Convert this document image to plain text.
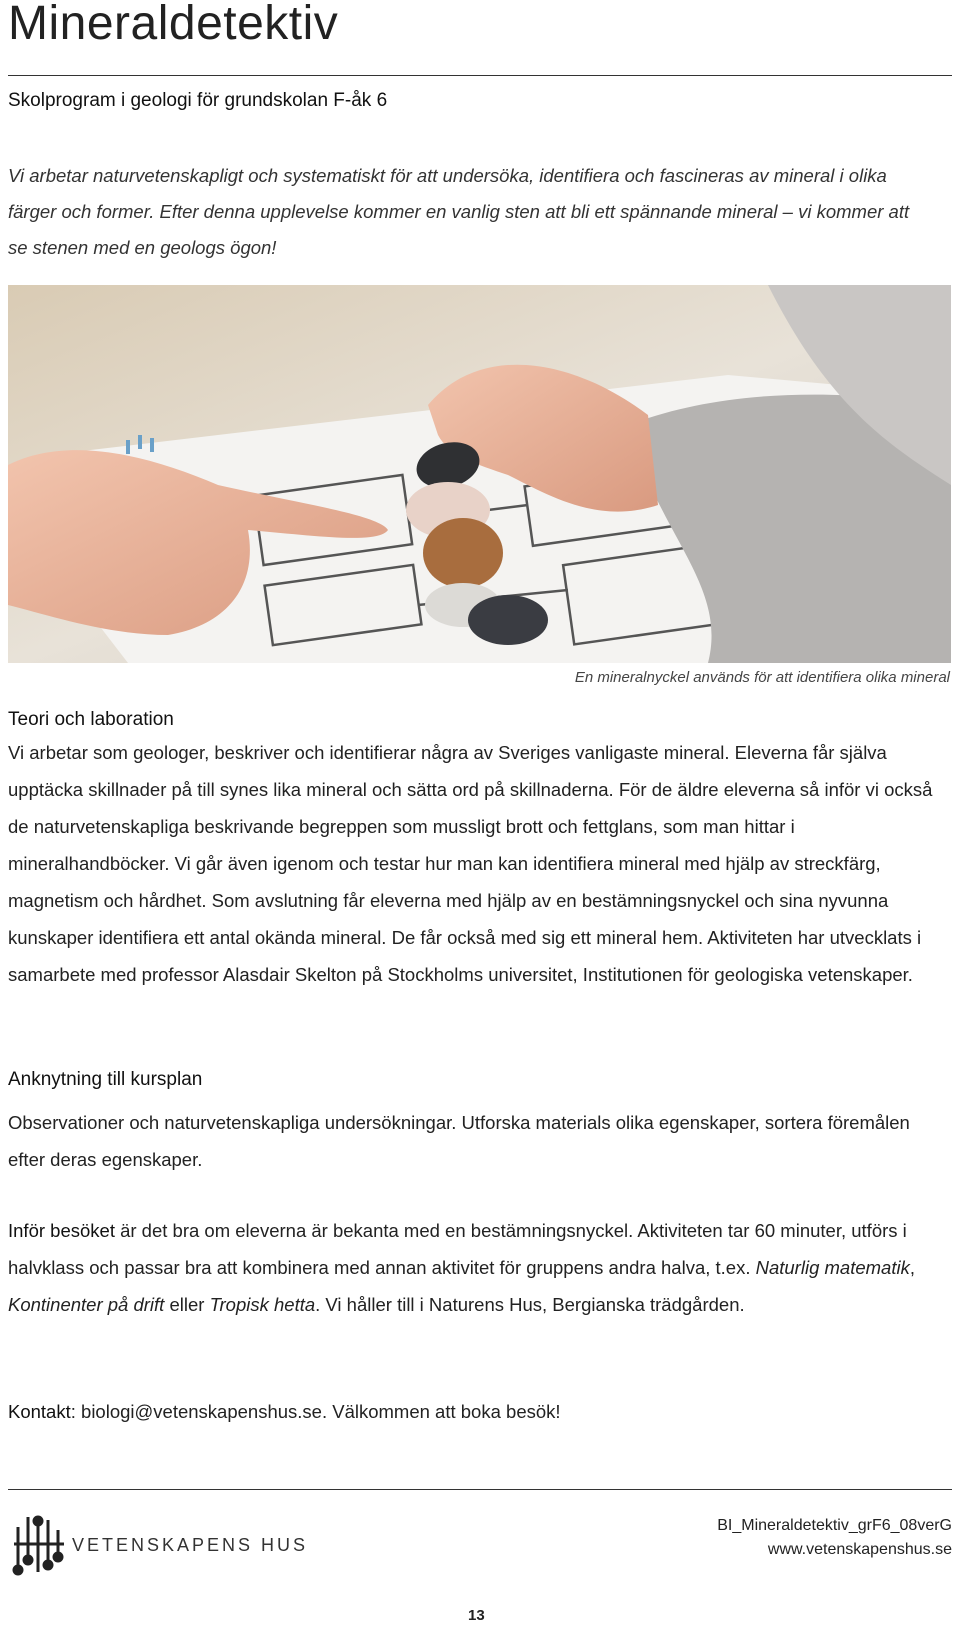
Mineraldetektiv
Skolprogram i geologi för grundskolan F-åk 6
Vi arbetar naturvetenskapligt och systematiskt för att undersöka, identifiera och fascineras av mineral i olika färger och former. Efter denna upplevelse kommer en vanlig sten att bli ett spännande mineral – vi kommer att se stenen med en geologs ögon!
En mineralnyckel används för att identifiera olika mineral
Teori och laboration
Vi arbetar som geologer, beskriver och identifierar några av Sveriges vanligaste mineral. Eleverna får själva upptäcka skillnader på till synes lika mineral och sätta ord på skillnaderna. För de äldre eleverna så inför vi också de naturvetenskapliga beskrivande begreppen som mussligt brott och fettglans, som man hittar i mineralhandböcker. Vi går även igenom och testar hur man kan identifiera mineral med hjälp av streckfärg, magnetism och hårdhet. Som avslutning får eleverna med hjälp av en bestämningsnyckel och sina nyvunna kunskaper identifiera ett antal okända mineral. De får också med sig ett mineral hem. Aktiviteten har utvecklats i samarbete med professor Alasdair Skelton på Stockholms universitet, Institutionen för geologiska vetenskaper.
Anknytning till kursplan
Observationer och naturvetenskapliga undersökningar. Utforska materials olika egenskaper, sortera föremålen efter deras egenskaper.
Inför besöket är det bra om eleverna är bekanta med en bestämningsnyckel. Aktiviteten tar 60 minuter, utförs i halvklass och passar bra att kombinera med annan aktivitet för gruppens andra halva, t.ex. Naturlig matematik, Kontinenter på drift eller Tropisk hetta. Vi håller till i Naturens Hus, Bergianska trädgården.
Kontakt: biologi@vetenskapenshus.se. Välkommen att boka besök!
VETENSKAPENS HUS
BI_Mineraldetektiv_grF6_08verG
www.vetenskapenshus.se
13
